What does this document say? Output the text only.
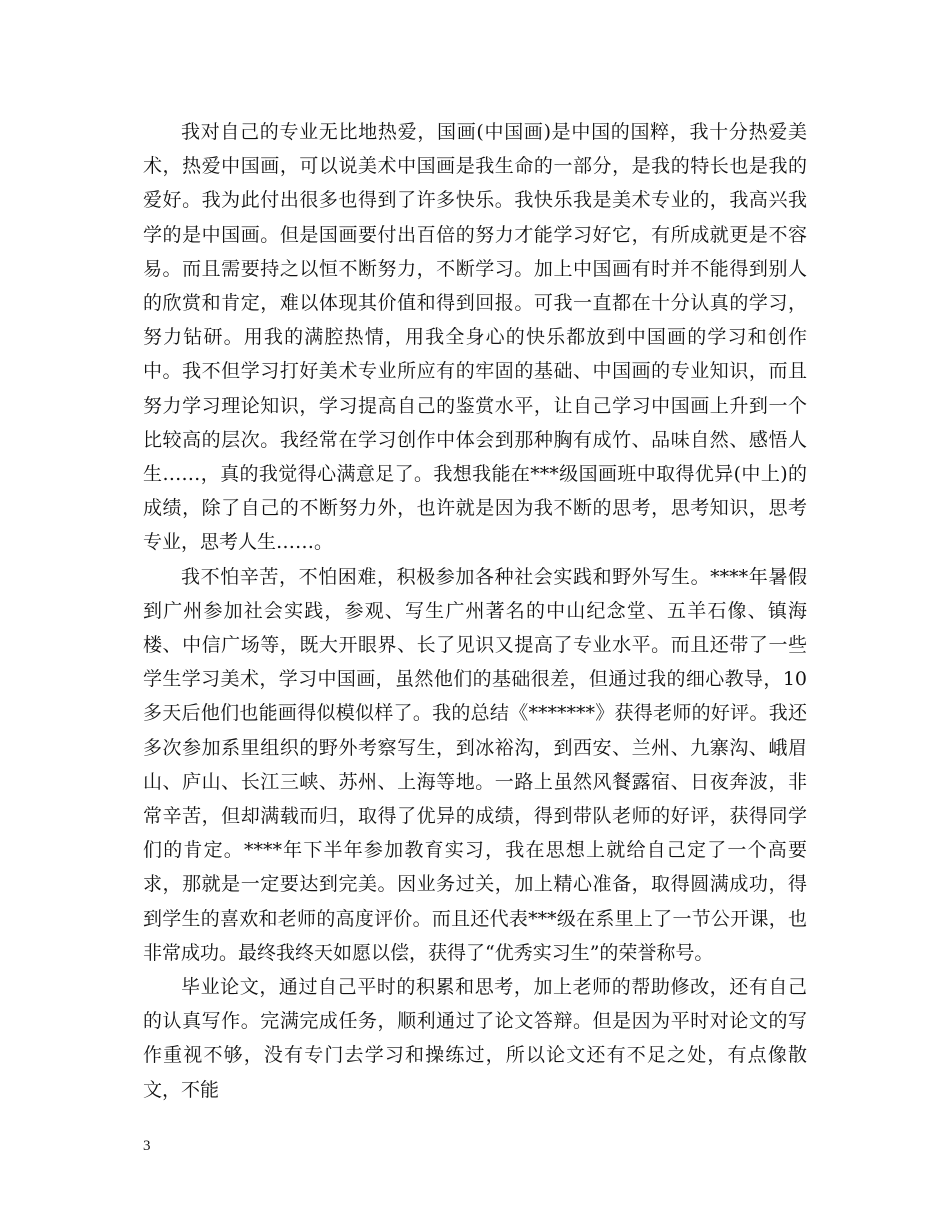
我对自己的专业无比地热爱，国画(中国画)是中国的国粹，我十分热爱美术，热爱中国画，可以说美术中国画是我生命的一部分，是我的特长也是我的爱好。我为此付出很多也得到了许多快乐。我快乐我是美术专业的，我高兴我学的是中国画。但是国画要付出百倍的努力才能学习好它，有所成就更是不容易。而且需要持之以恒不断努力，不断学习。加上中国画有时并不能得到别人的欣赏和肯定，难以体现其价值和得到回报。可我一直都在十分认真的学习，努力钻研。用我的满腔热情，用我全身心的快乐都放到中国画的学习和创作中。我不但学习打好美术专业所应有的牢固的基础、中国画的专业知识，而且努力学习理论知识，学习提高自己的鉴赏水平，让自己学习中国画上升到一个比较高的层次。我经常在学习创作中体会到那种胸有成竹、品味自然、感悟人生……，真的我觉得心满意足了。我想我能在***级国画班中取得优异(中上)的成绩，除了自己的不断努力外，也许就是因为我不断的思考，思考知识，思考专业，思考人生……。

我不怕辛苦，不怕困难，积极参加各种社会实践和野外写生。****年暑假到广州参加社会实践，参观、写生广州著名的中山纪念堂、五羊石像、镇海楼、中信广场等，既大开眼界、长了见识又提高了专业水平。而且还带了一些学生学习美术，学习中国画，虽然他们的基础很差，但通过我的细心教导，10多天后他们也能画得似模似样了。我的总结《*******》获得老师的好评。我还多次参加系里组织的野外考察写生，到冰裕沟，到西安、兰州、九寨沟、峨眉山、庐山、长江三峡、苏州、上海等地。一路上虽然风餐露宿、日夜奔波，非常辛苦，但却满载而归，取得了优异的成绩，得到带队老师的好评，获得同学们的肯定。****年下半年参加教育实习，我在思想上就给自己定了一个高要求，那就是一定要达到完美。因业务过关，加上精心准备，取得圆满成功，得到学生的喜欢和老师的高度评价。而且还代表***级在系里上了一节公开课，也非常成功。最终我终天如愿以偿，获得了“优秀实习生”的荣誉称号。

毕业论文，通过自己平时的积累和思考，加上老师的帮助修改，还有自己的认真写作。完满完成任务，顺利通过了论文答辩。但是因为平时对论文的写作重视不够，没有专门去学习和操练过，所以论文还有不足之处，有点像散文，不能

3
